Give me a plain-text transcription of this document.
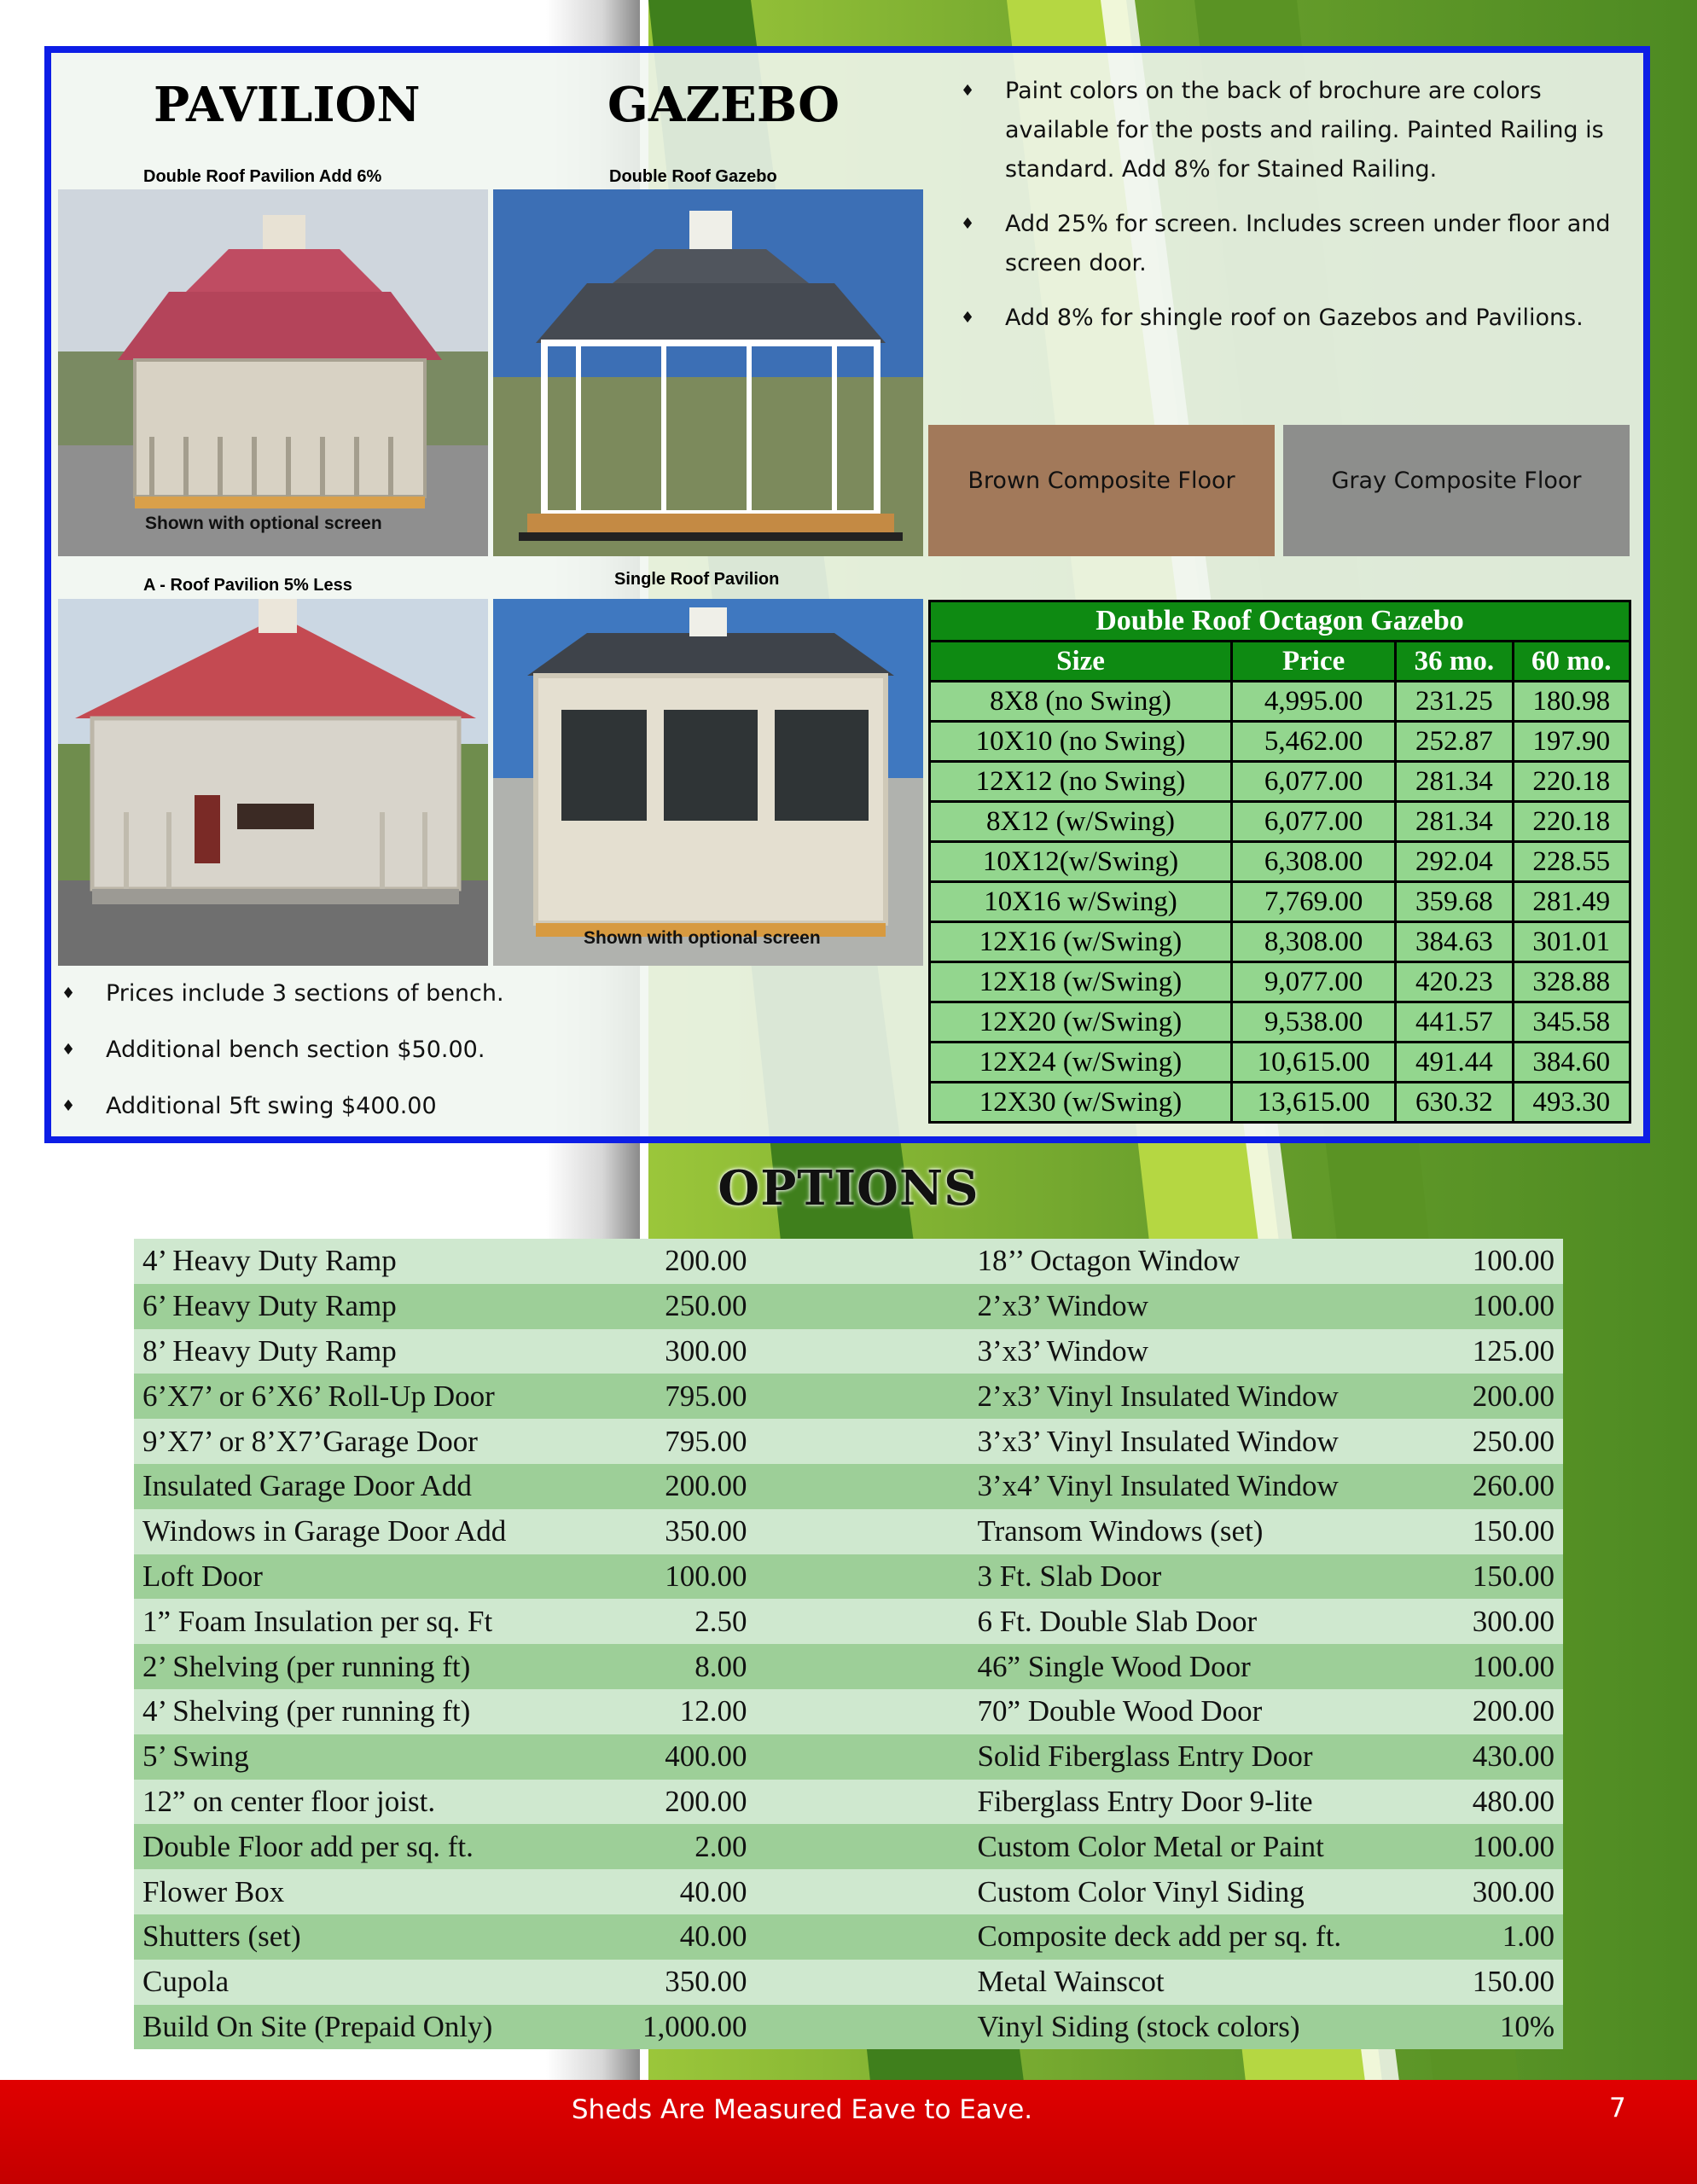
PAVILION	GAZEBO
Double Roof Pavilion Add 6%	Double Roof Gazebo
A - Roof Pavilion 5% Less	Single Roof Pavilion
Shown with optional screen
Shown with optional screen
♦ Paint colors on the back of brochure are colors available for the posts and railing. Painted Railing is standard. Add 8% for Stained Railing.
♦ Add 25% for screen. Includes screen under floor and screen door.
♦ Add 8% for shingle roof on Gazebos and Pavilions.
Brown Composite Floor	Gray Composite Floor
Double Roof Octagon Gazebo			
Size	Price	36 mo.	60 mo.
8X8 (no Swing)	4,995.00	231.25	180.98
10X10 (no Swing)	5,462.00	252.87	197.90
12X12 (no Swing)	6,077.00	281.34	220.18
8X12 (w/Swing)	6,077.00	281.34	220.18
10X12(w/Swing)	6,308.00	292.04	228.55
10X16 w/Swing)	7,769.00	359.68	281.49
12X16 (w/Swing)	8,308.00	384.63	301.01
12X18 (w/Swing)	9,077.00	420.23	328.88
12X20 (w/Swing)	9,538.00	441.57	345.58
12X24 (w/Swing)	10,615.00	491.44	384.60
12X30 (w/Swing)	13,615.00	630.32	493.30
♦ Prices include 3 sections of bench.
♦ Additional bench section $50.00.
♦ Additional 5ft swing $400.00
OPTIONS
4’ Heavy Duty Ramp	200.00		18’’ Octagon Window	100.00
6’ Heavy Duty Ramp	250.00		2’x3’ Window	100.00
8’ Heavy Duty Ramp	300.00		3’x3’ Window	125.00
6’X7’ or 6’X6’ Roll-Up Door	795.00		2’x3’ Vinyl Insulated Window	200.00
9’X7’ or 8’X7’Garage Door	795.00		3’x3’ Vinyl Insulated Window	250.00
Insulated Garage Door Add	200.00		3’x4’ Vinyl Insulated Window	260.00
Windows in Garage Door Add	350.00		Transom Windows (set)	150.00
Loft Door	100.00		3 Ft. Slab Door	150.00
1” Foam Insulation per sq. Ft	2.50		6 Ft. Double Slab Door	300.00
2’ Shelving (per running ft)	8.00		46” Single Wood Door	100.00
4’ Shelving (per running ft)	12.00		70” Double Wood Door	200.00
5’ Swing	400.00		Solid Fiberglass Entry Door	430.00
12” on center floor joist.	200.00		Fiberglass Entry Door 9-lite	480.00
Double Floor add per sq. ft.	2.00		Custom Color Metal or Paint	100.00
Flower Box	40.00		Custom Color Vinyl Siding	300.00
Shutters (set)	40.00		Composite deck add per sq. ft.	1.00
Cupola	350.00		Metal Wainscot	150.00
Build On Site (Prepaid Only)	1,000.00		Vinyl Siding (stock colors)	10%
Sheds Are Measured Eave to Eave.	7
